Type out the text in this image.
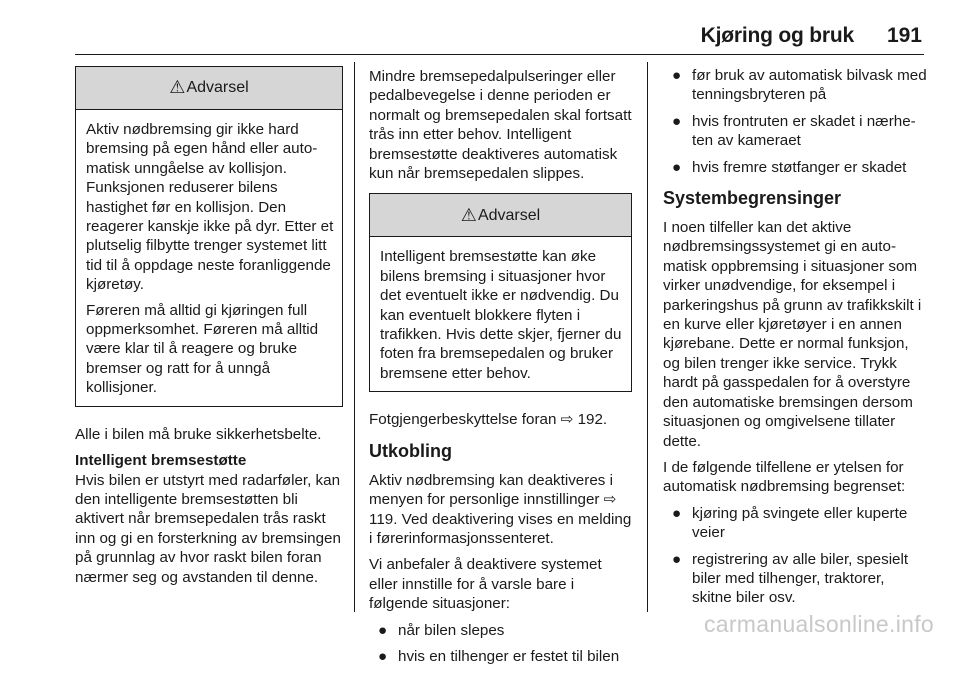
Kjøring og bruk 191
⚠ Advarsel

Aktiv nødbremsing gir ikke hard bremsing på egen hånd eller automatisk unngåelse av kollisjon. Funksjonen reduserer bilens hastighet før en kollisjon. Den reagerer kanskje ikke på dyr. Etter et plutselig filbytte trenger systemet litt tid til å oppdage neste foranliggende kjøretøy.

Føreren må alltid gi kjøringen full oppmerksomhet. Føreren må alltid være klar til å reagere og bruke bremser og ratt for å unngå kollisjoner.

Alle i bilen må bruke sikkerhetsbelte.

Intelligent bremsestøtte

Hvis bilen er utstyrt med radarføler, kan den intelligente bremsestøtten bli aktivert når bremsepedalen trås raskt inn og gi en forsterkning av bremsingen på grunnlag av hvor raskt bilen foran nærmer seg og avstanden til denne.

Mindre bremsepedalpulseringer eller pedalbevegelse i denne perioden er normalt og bremsepedalen skal fortsatt trås inn etter behov. Intelligent bremsestøtte deaktiveres automatisk kun når bremsepedalen slippes.

⚠ Advarsel

Intelligent bremsestøtte kan øke bilens bremsing i situasjoner hvor det eventuelt ikke er nødvendig. Du kan eventuelt blokkere flyten i trafikken. Hvis dette skjer, fjerner du foten fra bremsepedalen og bruker bremsene etter behov.

Fotgjengerbeskyttelse foran ⇨ 192.

Utkobling

Aktiv nødbremsing kan deaktiveres i menyen for personlige innstillinger ⇨ 119. Ved deaktivering vises en melding i førerinformasjonssenteret.

Vi anbefaler å deaktivere systemet eller innstille for å varsle bare i følgende situasjoner:

● når bilen slepes
● hvis en tilhenger er festet til bilen
● før bruk av automatisk bilvask med tenningsbryteren på
● hvis frontruten er skadet i nærheten av kameraet
● hvis fremre støtfanger er skadet
Systembegrensinger

I noen tilfeller kan det aktive nødbremsingssystemet gi en automatisk oppbremsing i situasjoner som virker unødvendige, for eksempel i parkeringshus på grunn av trafikkskilt i en kurve eller kjøretøyer i en annen kjørebane. Dette er normal funksjon, og bilen trenger ikke service. Trykk hardt på gasspedalen for å overstyre den automatiske bremsingen dersom situasjonen og omgivelsene tillater dette.

I de følgende tilfellene er ytelsen for automatisk nødbremsing begrenset:

● kjøring på svingete eller kuperte veier
● registrering av alle biler, spesielt biler med tilhenger, traktorer, skitne biler osv.
carmanualsonline.info
